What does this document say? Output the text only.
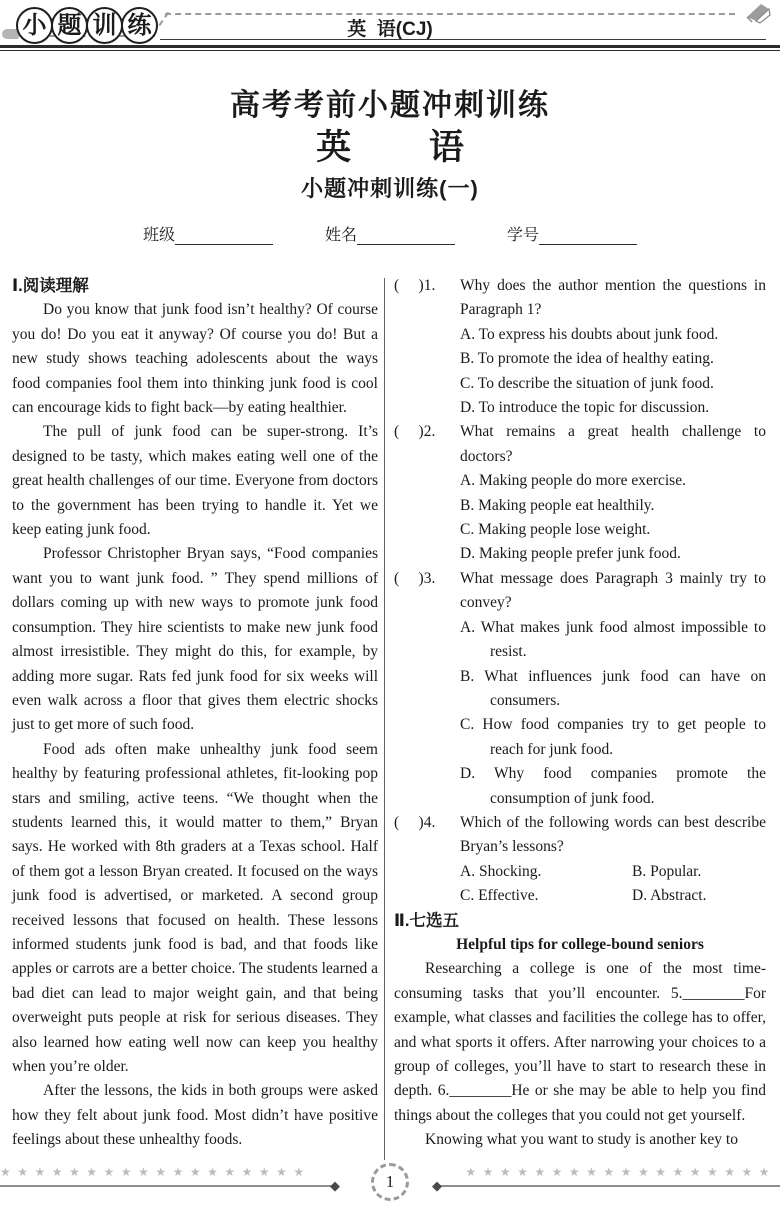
小 题 训 练	英  语(CJ)
高考考前小题冲刺训练
英        语
小题冲刺训练(一)
班级	姓名	学号
Ⅰ.阅读理解

Do you know that junk food isn’t healthy? Of course you do! Do you eat it anyway? Of course you do! But a new study shows teaching adolescents about the ways food companies fool them into thinking junk food is cool can encourage kids to fight back—by eating healthier.

The pull of junk food can be super-strong. It’s designed to be tasty, which makes eating well one of the great health challenges of our time. Everyone from doctors to the government has been trying to handle it. Yet we keep eating junk food.

Professor Christopher Bryan says, “Food companies want you to want junk food. ” They spend millions of dollars coming up with new ways to promote junk food consumption. They hire scientists to make new junk food almost irresistible. They might do this, for example, by adding more sugar. Rats fed junk food for six weeks will even walk across a floor that gives them electric shocks just to get more of such food.

Food ads often make unhealthy junk food seem healthy by featuring professional athletes, fit-looking pop stars and smiling, active teens. “We thought when the students learned this, it would matter to them,” Bryan says. He worked with 8th graders at a Texas school. Half of them got a lesson Bryan created. It focused on the ways junk food is advertised, or marketed. A second group received lessons that focused on health. These lessons informed students junk food is bad, and that foods like apples or carrots are a better choice. The students learned a bad diet can lead to major weight gain, and that being overweight puts people at risk for serious diseases. They also learned how eating well now can keep you healthy when you’re older.

After the lessons, the kids in both groups were asked how they felt about junk food. Most didn’t have positive feelings about these unhealthy foods.

(     )1.	Why does the author mention the questions in Paragraph 1?
A. To express his doubts about junk food.
B. To promote the idea of healthy eating.
C. To describe the situation of junk food.
D. To introduce the topic for discussion.
(     )2.	What remains a great health challenge to doctors?
A. Making people do more exercise.
B. Making people eat healthily.
C. Making people lose weight.
D. Making people prefer junk food.
(     )3.	What message does Paragraph 3 mainly try to convey?
A. What makes junk food almost impossible to resist.
B. What influences junk food can have on consumers.
C. How food companies try to get people to reach for junk food.
D. Why food companies promote the consumption of junk food.
(     )4.	Which of the following words can best describe Bryan’s lessons?
A. Shocking.	B. Popular.
C. Effective.	D. Abstract.
Ⅱ.七选五
Helpful tips for college-bound seniors

Researching a college is one of the most time-consuming tasks that you’ll encounter. 5.________For example, what classes and facilities the college has to offer, and what sports it offers. After narrowing your choices to a group of colleges, you’ll have to start to research these in depth. 6.________He or she may be able to help you find things about the colleges that you could not get yourself.

Knowing what you want to study is another key to

★★★★★★★★★★★★★★★★★★
◆	1	★★★★★★★★★★★★★★★★★★
◆
